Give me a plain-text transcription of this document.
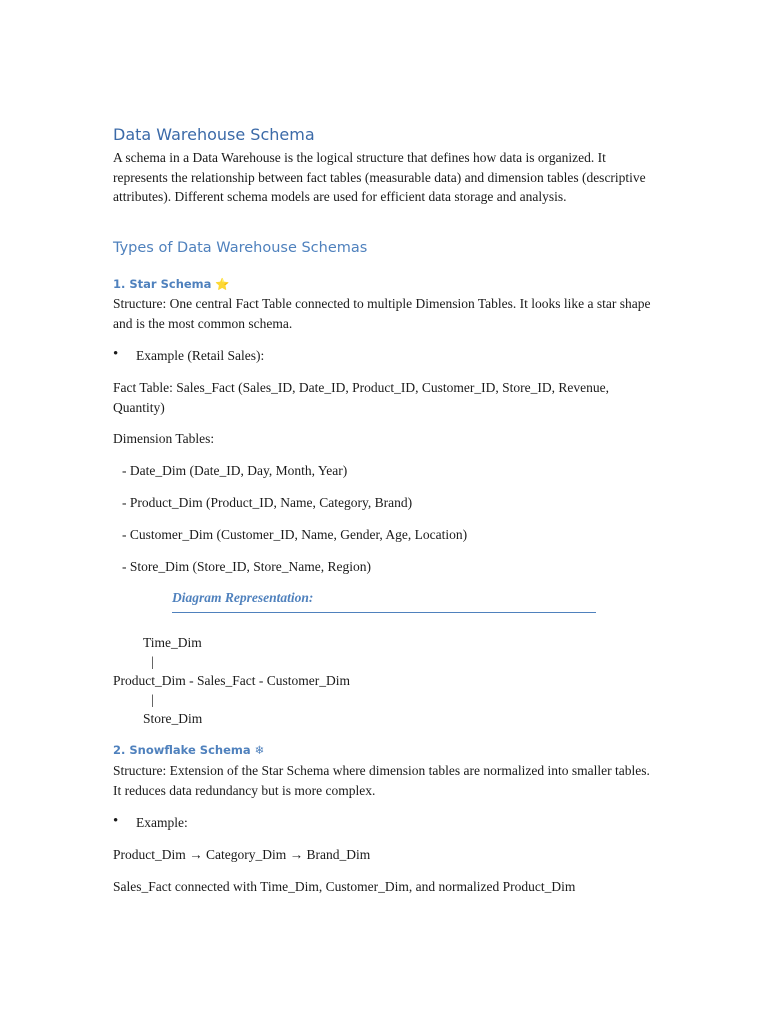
Data Warehouse Schema

A schema in a Data Warehouse is the logical structure that defines how data is organized. It represents the relationship between fact tables (measurable data) and dimension tables (descriptive attributes). Different schema models are used for efficient data storage and analysis.

Types of Data Warehouse Schemas
1. Star Schema ⭐

Structure: One central Fact Table connected to multiple Dimension Tables. It looks like a star shape and is the most common schema.

• Example (Retail Sales):

Fact Table: Sales_Fact (Sales_ID, Date_ID, Product_ID, Customer_ID, Store_ID, Revenue, Quantity)

Dimension Tables:
- Date_Dim (Date_ID, Day, Month, Year)
- Product_Dim (Product_ID, Name, Category, Brand)
- Customer_Dim (Customer_ID, Name, Gender, Age, Location)
- Store_Dim (Store_ID, Store_Name, Region)
Diagram Representation:
Time_Dim
|
Product_Dim - Sales_Fact - Customer_Dim
|
Store_Dim
2. Snowflake Schema ❄

Structure: Extension of the Star Schema where dimension tables are normalized into smaller tables. It reduces data redundancy but is more complex.

• Example:
Product_Dim → Category_Dim → Brand_Dim
Sales_Fact connected with Time_Dim, Customer_Dim, and normalized Product_Dim
